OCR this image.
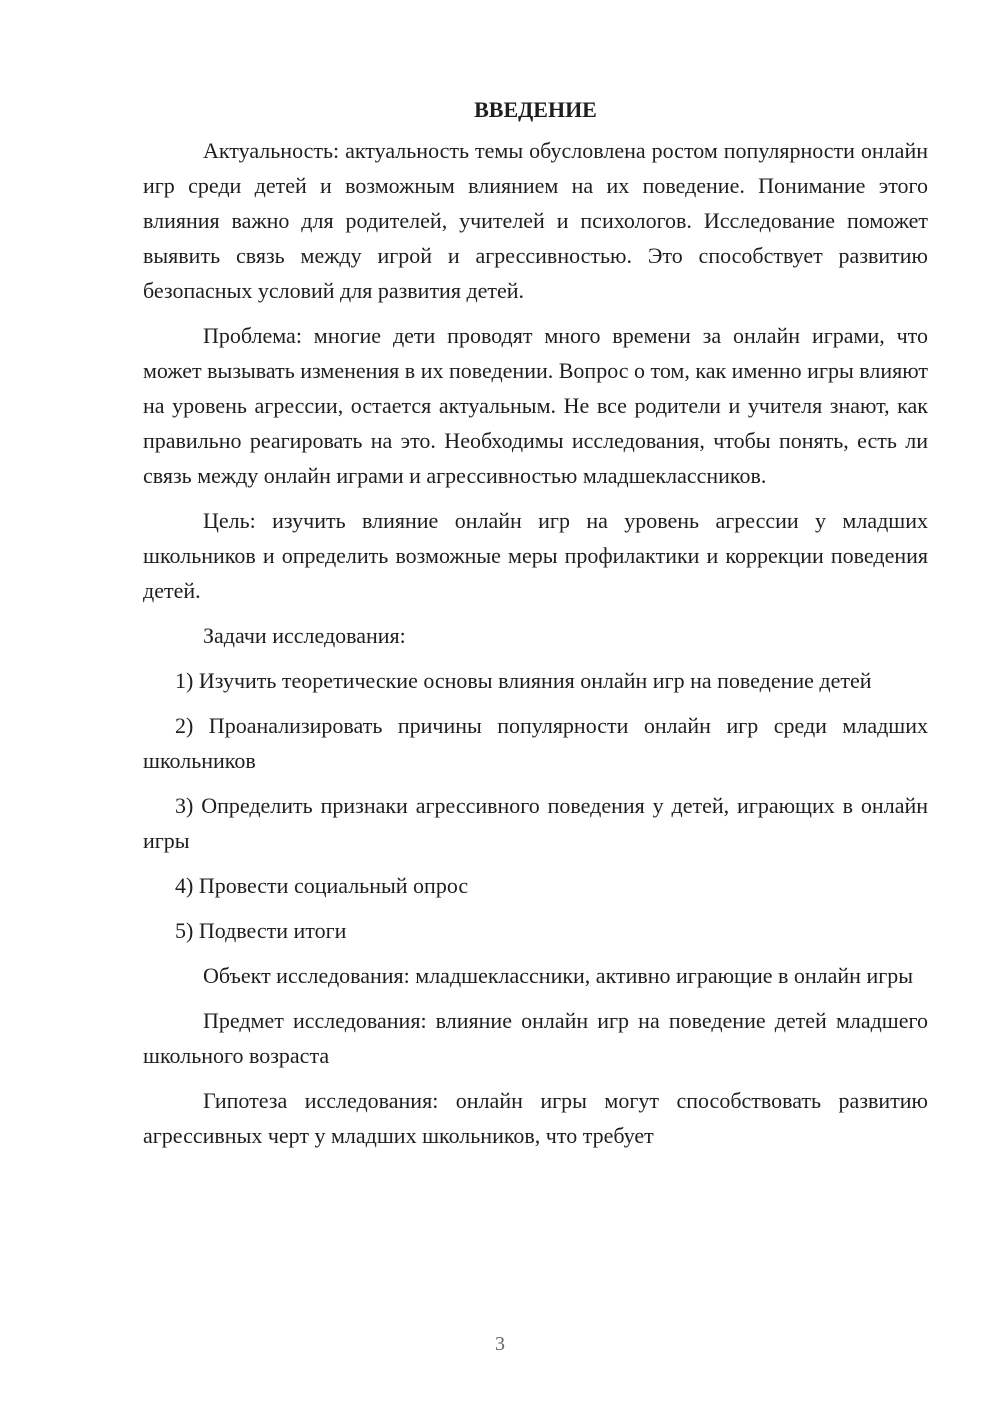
ВВЕДЕНИЕ

Актуальность: актуальность темы обусловлена ростом популярности онлайн игр среди детей и возможным влиянием на их поведение. Понимание этого влияния важно для родителей, учителей и психологов. Исследование поможет выявить связь между игрой и агрессивностью. Это способствует развитию безопасных условий для развития детей.

Проблема: многие дети проводят много времени за онлайн играми, что может вызывать изменения в их поведении. Вопрос о том, как именно игры влияют на уровень агрессии, остается актуальным. Не все родители и учителя знают, как правильно реагировать на это. Необходимы исследования, чтобы понять, есть ли связь между онлайн играми и агрессивностью младшеклассников.

Цель: изучить влияние онлайн игр на уровень агрессии у младших школьников и определить возможные меры профилактики и коррекции поведения детей.

Задачи исследования:

1) Изучить теоретические основы влияния онлайн игр на поведение детей

2) Проанализировать причины популярности онлайн игр среди младших школьников

3) Определить признаки агрессивного поведения у детей, играющих в онлайн игры

4) Провести социальный опрос

5) Подвести итоги

Объект исследования: младшеклассники, активно играющие в онлайн игры

Предмет исследования: влияние онлайн игр на поведение детей младшего школьного возраста

Гипотеза исследования: онлайн игры могут способствовать развитию агрессивных черт у младших школьников, что требует

3
